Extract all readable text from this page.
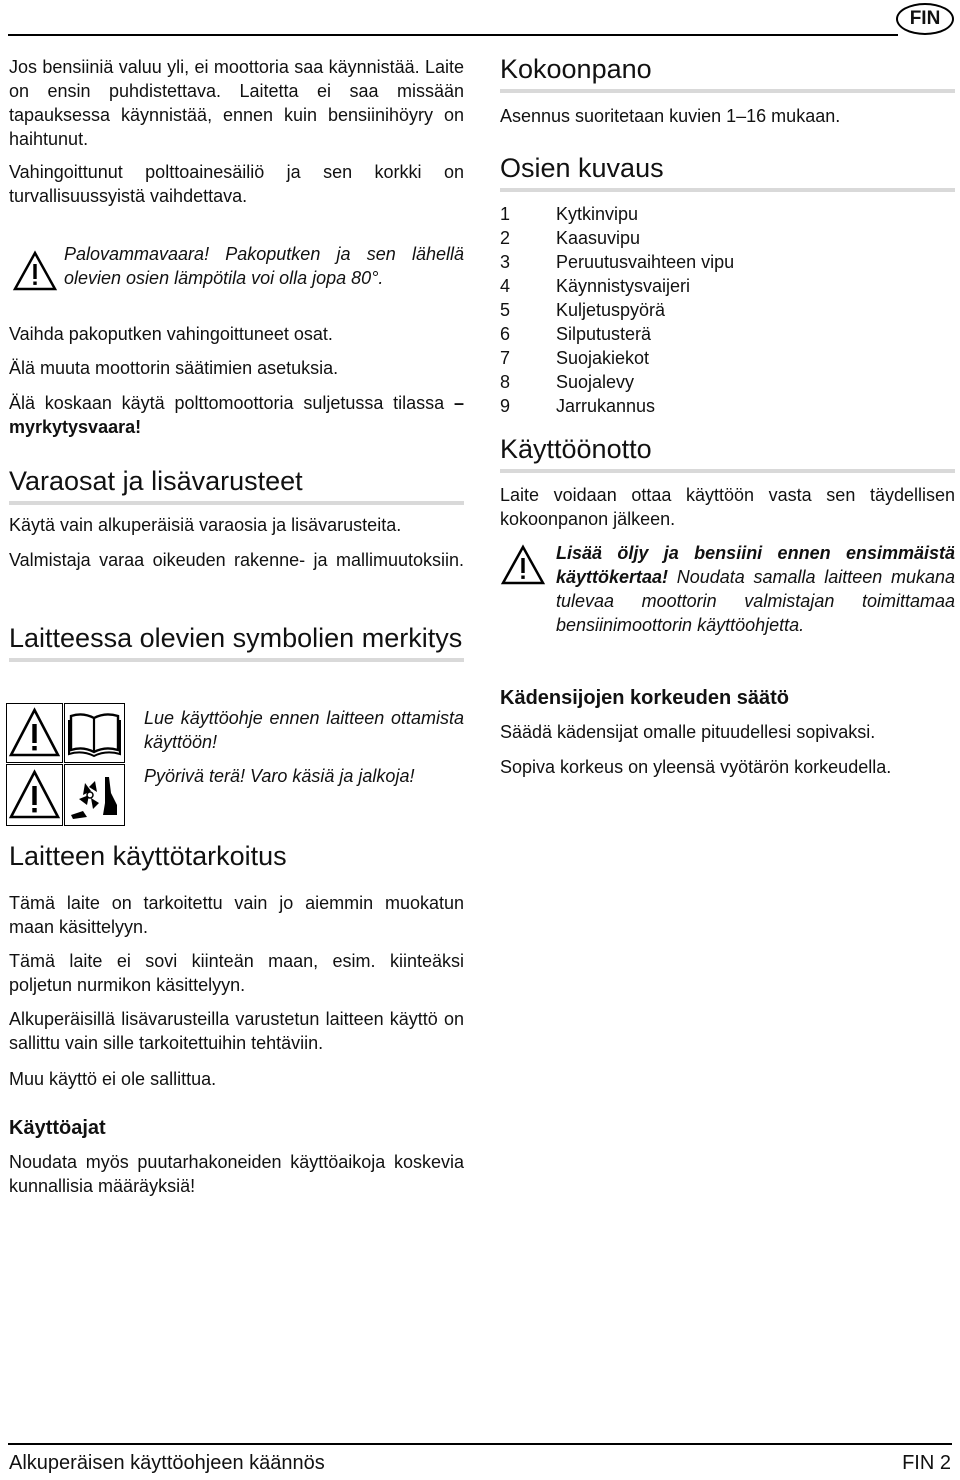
FIN

Jos bensiiniä valuu yli, ei moottoria saa käynnistää. Laite on ensin puhdistettava. Laitetta ei saa missään tapauksessa käynnistää, ennen kuin bensiinihöyry on haihtunut.

Vahingoittunut polttoainesäiliö ja sen korkki on turvallisuussyistä vaihdettava.

Palovammavaara! Pakoputken ja sen lähellä olevien osien lämpötila voi olla jopa 80°.

Vaihda pakoputken vahingoittuneet osat.

Älä muuta moottorin säätimien asetuksia.

Älä koskaan käytä polttomoottoria suljetussa tilassa – myrkytysvaara!

Varaosat ja lisävarusteet

Käytä vain alkuperäisiä varaosia ja lisävarusteita.

Valmistaja varaa oikeuden rakenne- ja mallimuutoksiin.

Laitteessa olevien symbolien merkitys

Lue käyttöohje ennen laitteen ottamista käyttöön!

Pyörivä terä! Varo käsiä ja jalkoja!

Laitteen käyttötarkoitus

Tämä laite on tarkoitettu vain jo aiemmin muokatun maan käsittelyyn.

Tämä laite ei sovi kiinteän maan, esim. kiinteäksi poljetun nurmikon käsittelyyn.

Alkuperäisillä lisävarusteilla varustetun laitteen käyttö on sallittu vain sille tarkoitettuihin tehtäviin.

Muu käyttö ei ole sallittua.

Käyttöajat

Noudata myös puutarhakoneiden käyttöaikoja koskevia kunnallisia määräyksiä!

Kokoonpano

Asennus suoritetaan kuvien 1–16 mukaan.

Osien kuvaus
1	Kytkinvipu
2	Kaasuvipu
3	Peruutusvaihteen vipu
4	Käynnistysvaijeri
5	Kuljetuspyörä
6	Silputusterä
7	Suojakiekot
8	Suojalevy
9	Jarrukannus
Käyttöönotto

Laite voidaan ottaa käyttöön vasta sen täydellisen kokoonpanon jälkeen.

Lisää öljy ja bensiini ennen ensimmäistä käyttökertaa! Noudata samalla laitteen mukana tulevaa moottorin valmistajan toimittamaa bensiinimoottorin käyttöohjetta.

Kädensijojen korkeuden säätö

Säädä kädensijat omalle pituudellesi sopivaksi.

Sopiva korkeus on yleensä vyötärön korkeudella.

Alkuperäisen käyttöohjeen käännös	FIN 2
